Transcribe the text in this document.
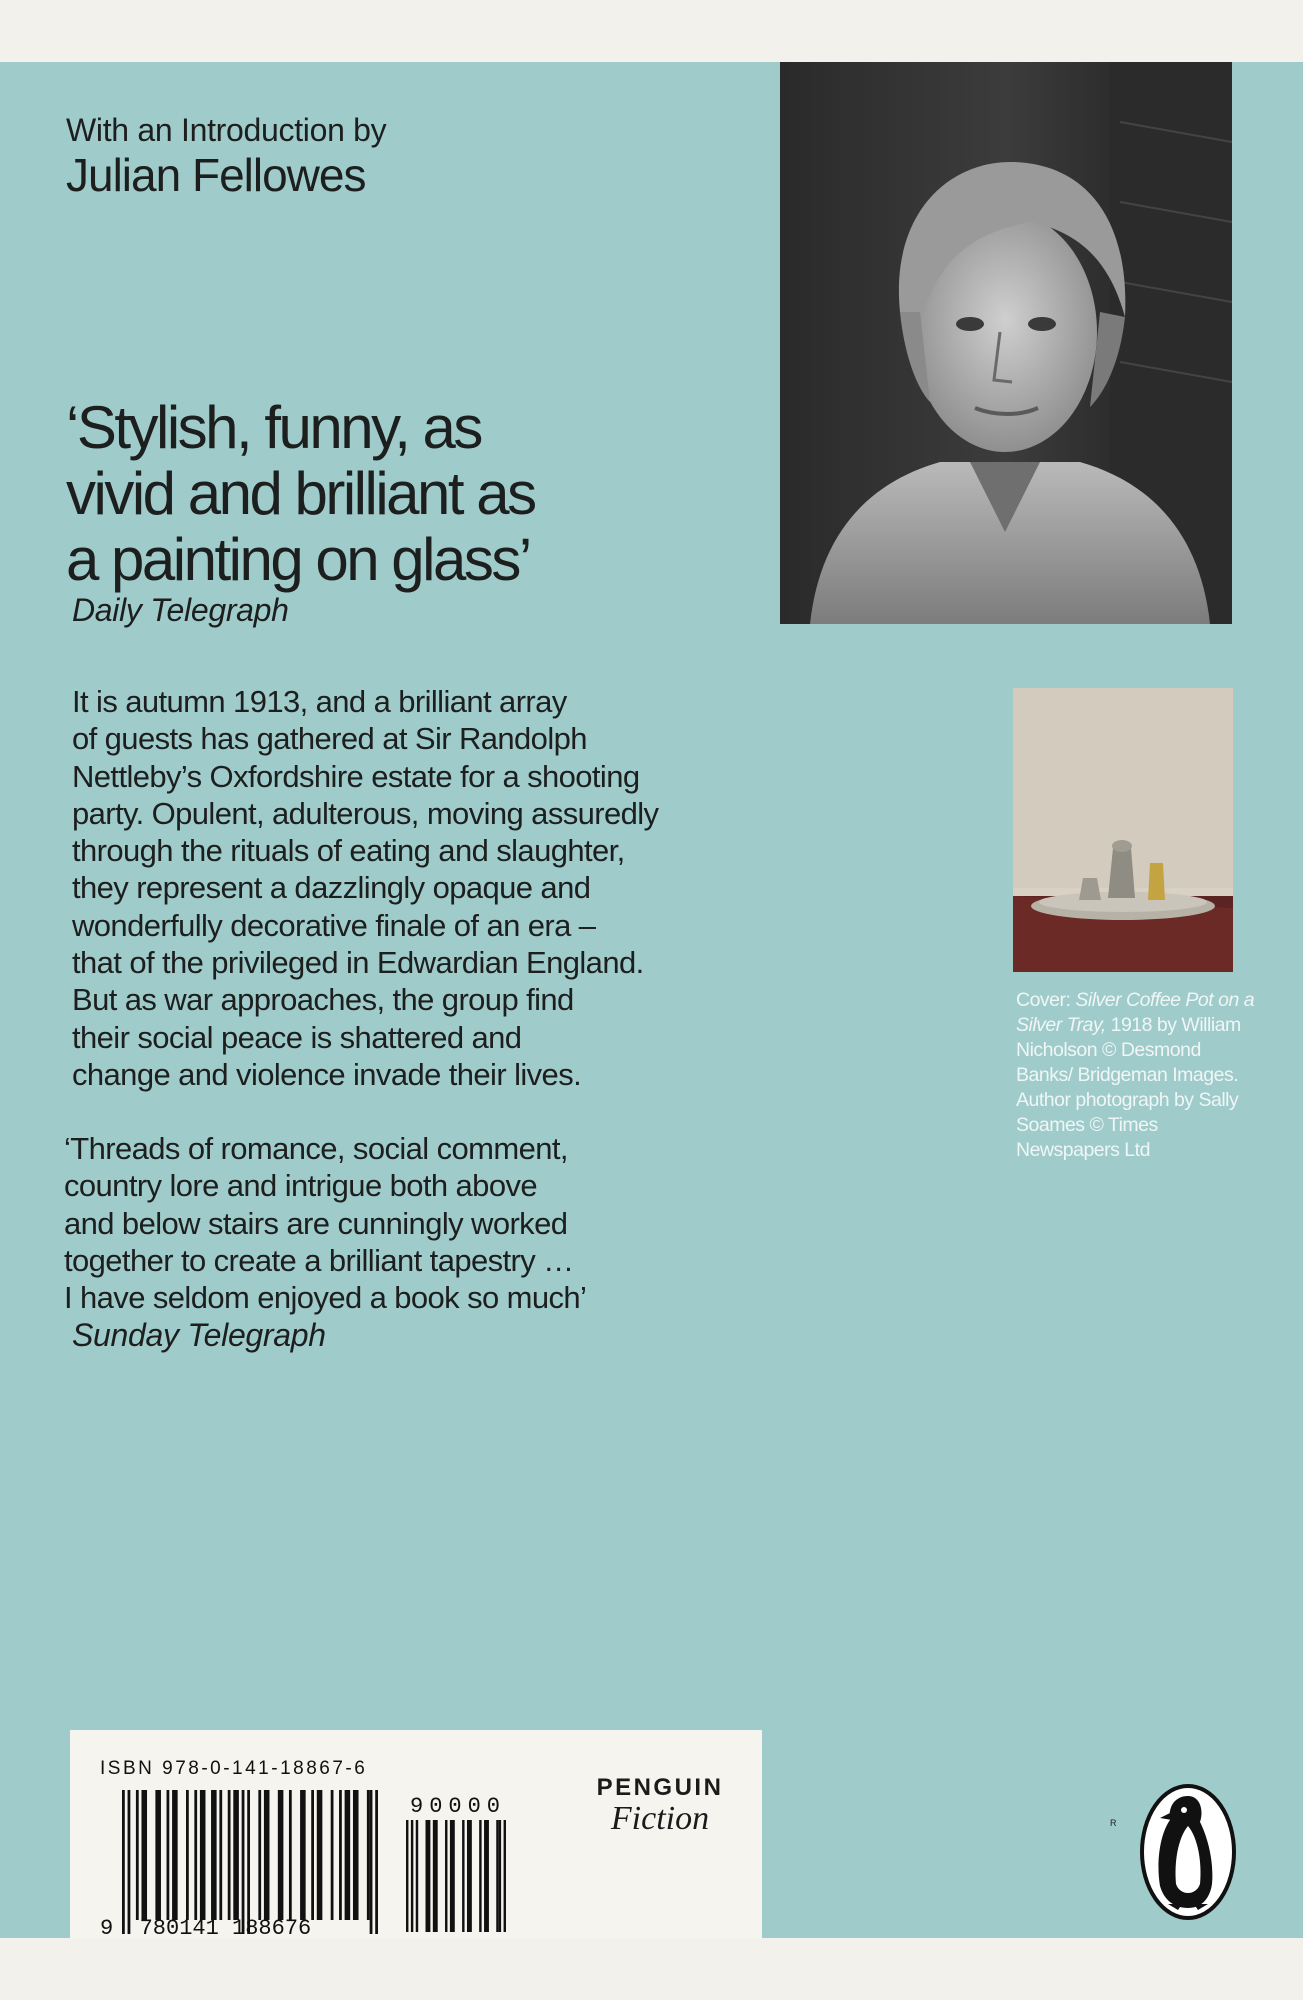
With an Introduction by
Julian Fellowes
‘Stylish, funny, as
vivid and brilliant as
a painting on glass’
Daily Telegraph
It is autumn 1913, and a brilliant array
of guests has gathered at Sir Randolph
Nettleby’s Oxfordshire estate for a shooting
party. Opulent, adulterous, moving assuredly
through the rituals of eating and slaughter,
they represent a dazzlingly opaque and
wonderfully decorative finale of an era –
that of the privileged in Edwardian England.
But as war approaches, the group find
their social peace is shattered and
change and violence invade their lives.
‘Threads of romance, social comment,
country lore and intrigue both above
and below stairs are cunningly worked
together to create a brilliant tapestry …
I have seldom enjoyed a book so much’
Sunday Telegraph
Cover: Silver Coffee Pot on a Silver Tray, 1918 by William Nicholson © Desmond Banks/ Bridgeman Images. Author photograph by Sally Soames © Times Newspapers Ltd
ISBN 978-0-141-18867-6
90000
9 780141 188676
PENGUIN
Fiction	R
